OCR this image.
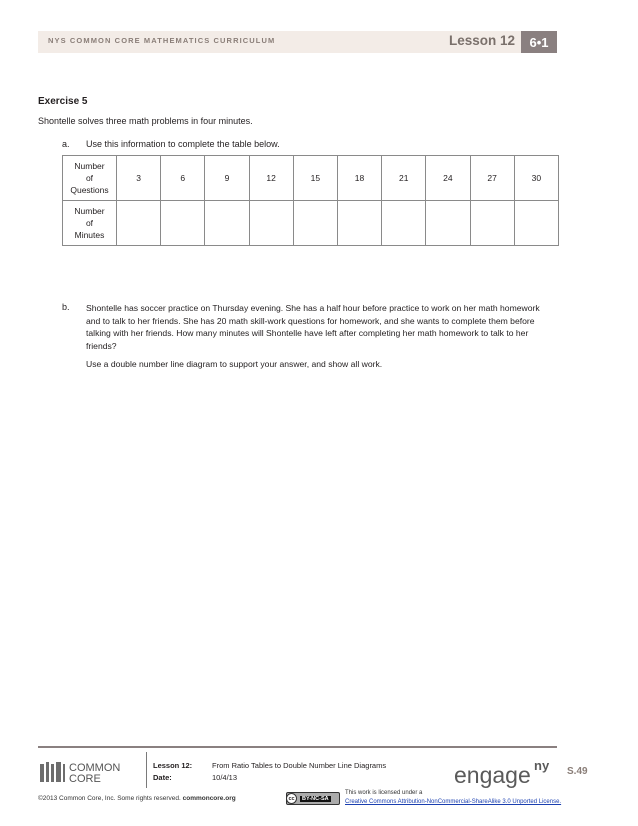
NYS COMMON CORE MATHEMATICS CURRICULUM	Lesson 12	6•1
Exercise 5
Shontelle solves three math problems in four minutes.
a. Use this information to complete the table below.
Number
of
Questions	3	6	9	12	15	18	21	24	27	30

Number
of
Minutes										

b. Shontelle has soccer practice on Thursday evening. She has a half hour before practice to work on her math homework and to talk to her friends. She has 20 math skill-work questions for homework, and she wants to complete them before talking with her friends. How many minutes will Shontelle have left after completing her math homework to talk to her friends?
Use a double number line diagram to support your answer, and show all work.
COMMON
CORE
Lesson 12:
Date:
From Ratio Tables to Double Number Line Diagrams
10/4/13	engage ny S.49
©2013 Common Core, Inc. Some rights reserved. commoncore.org	cc	BY-NC-SA
This work is licensed under a
Creative Commons Attribution-NonCommercial-ShareAlike 3.0 Unported License.
